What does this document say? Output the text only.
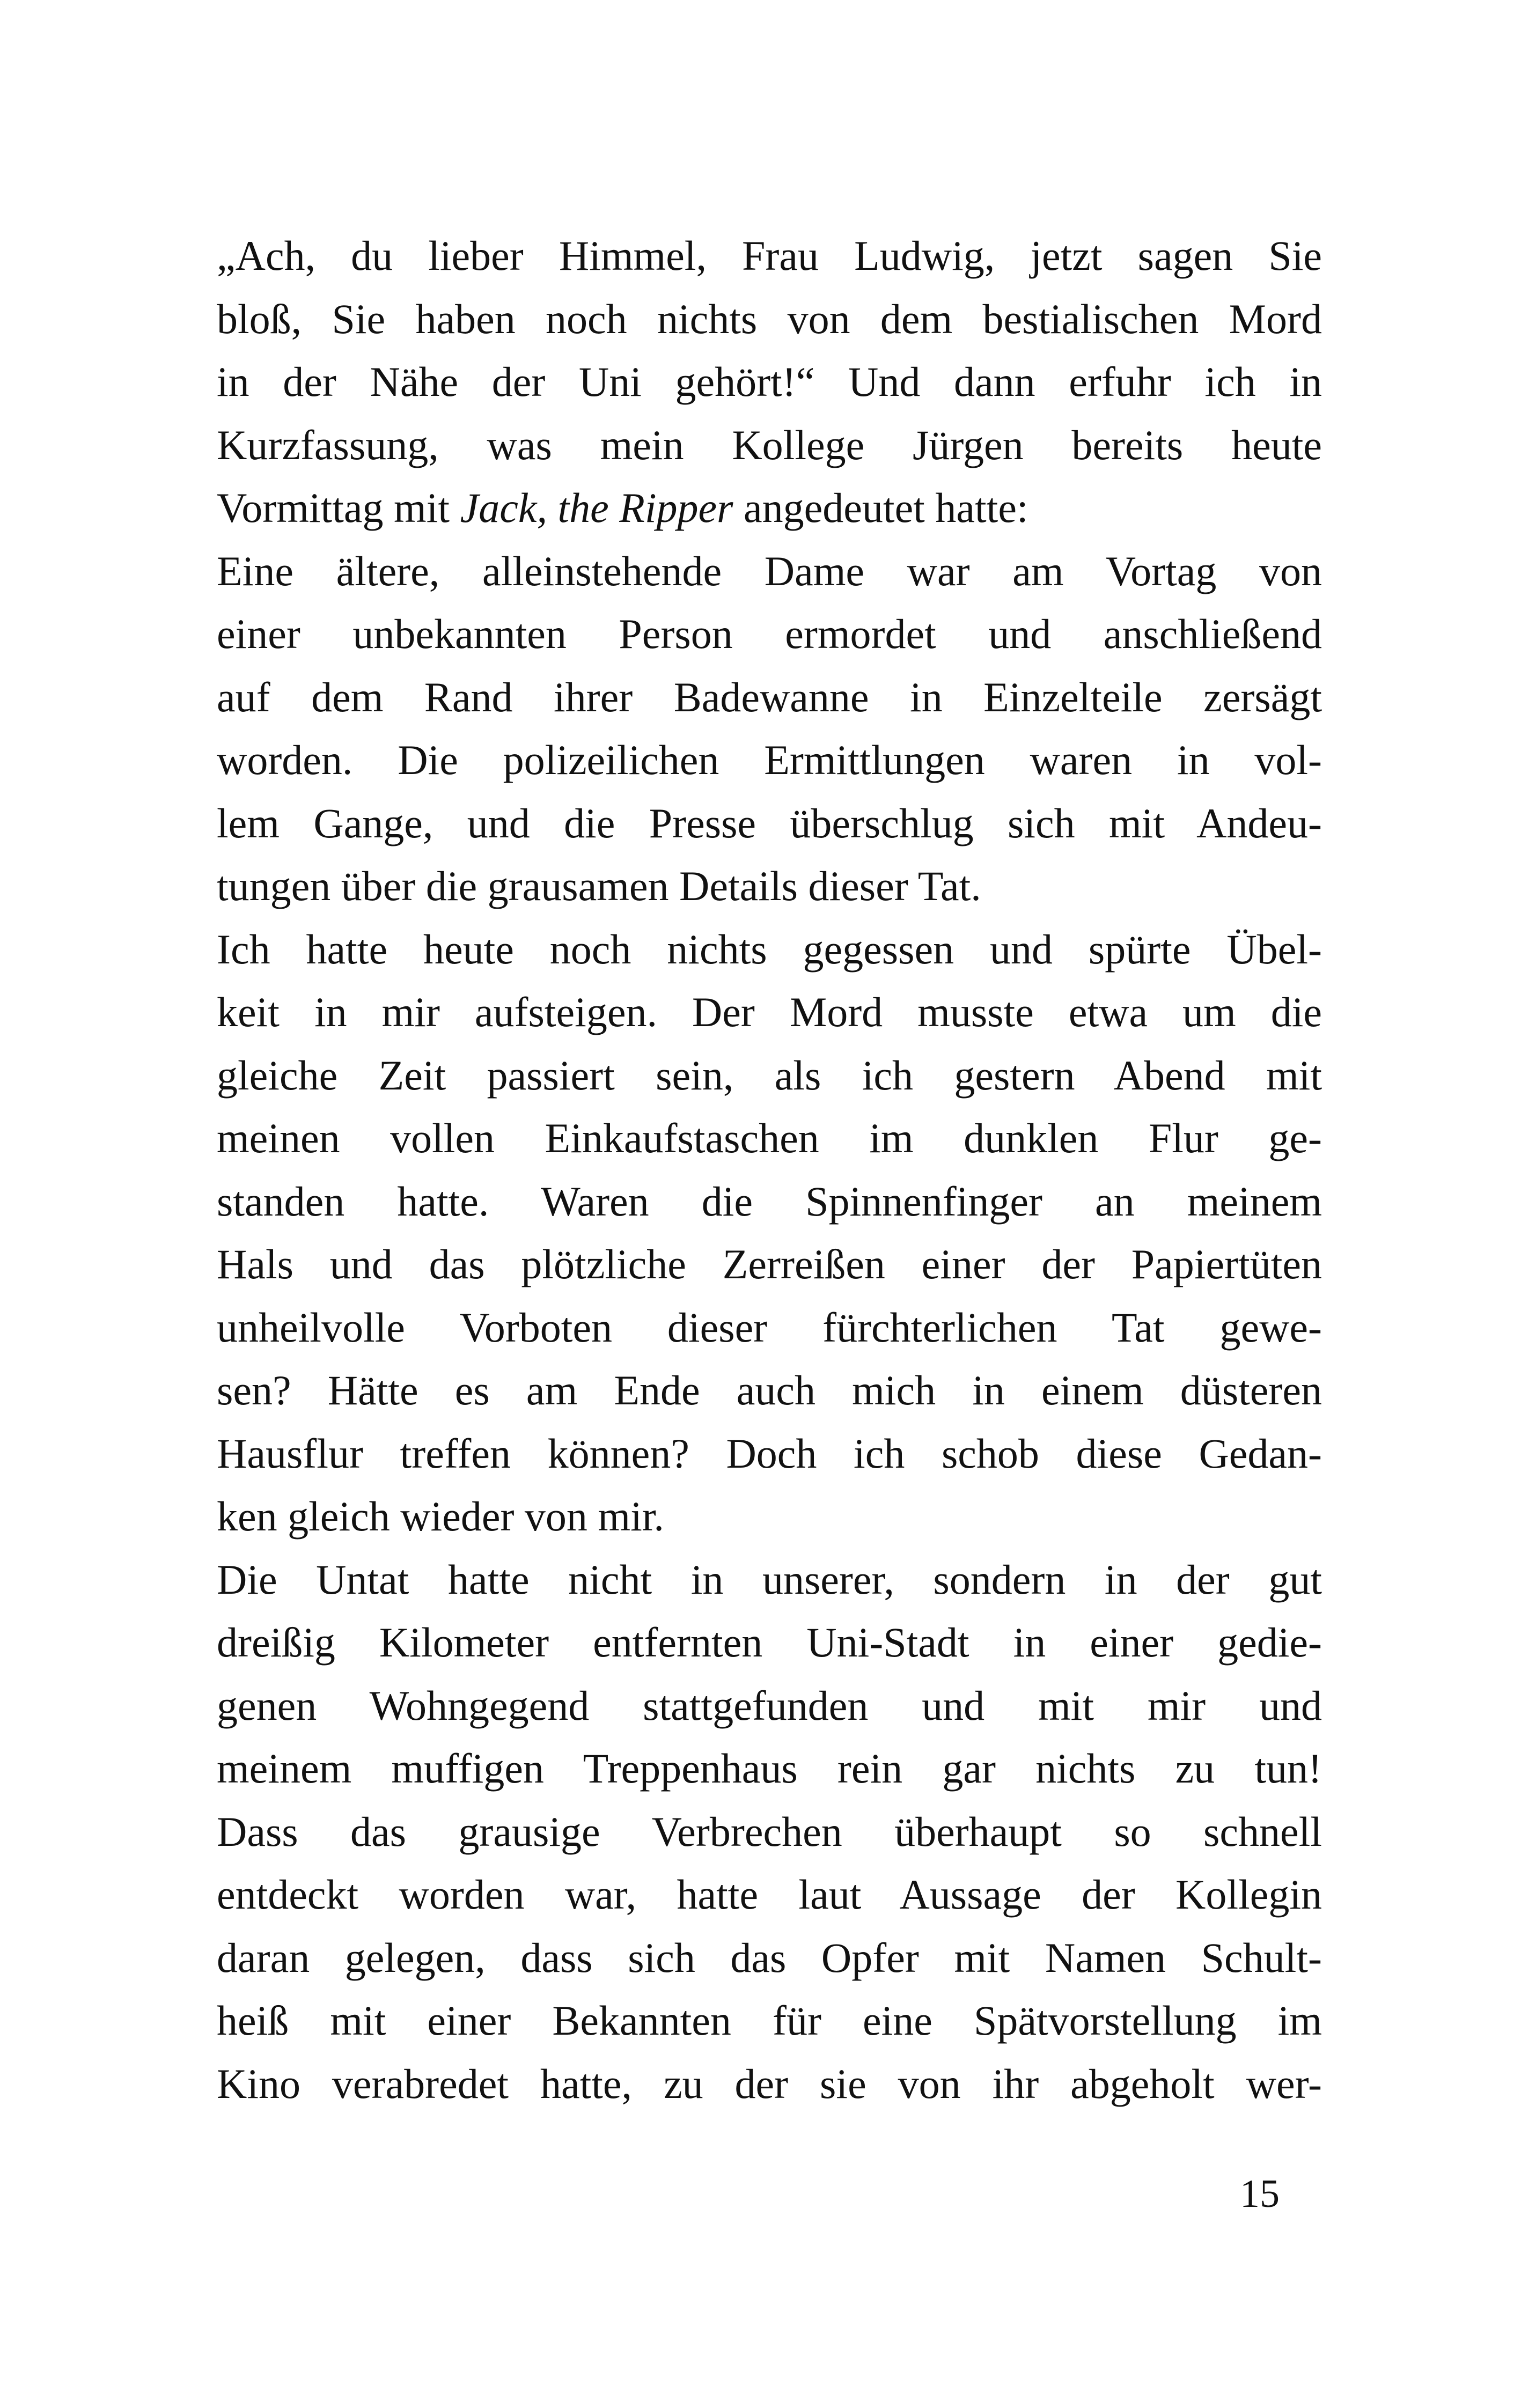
„Ach, du lieber Himmel, Frau Ludwig, jetzt sagen Sie
bloß, Sie haben noch nichts von dem bestialischen Mord
in der Nähe der Uni gehört!“ Und dann erfuhr ich in
Kurzfassung, was mein Kollege Jürgen bereits heute
Vormittag mit Jack, the Ripper angedeutet hatte:
Eine ältere, alleinstehende Dame war am Vortag von
einer unbekannten Person ermordet und anschließend
auf dem Rand ihrer Badewanne in Einzelteile zersägt
worden. Die polizeilichen Ermittlungen waren in vol-
lem Gange, und die Presse überschlug sich mit Andeu-
tungen über die grausamen Details dieser Tat.
Ich hatte heute noch nichts gegessen und spürte Übel-
keit in mir aufsteigen. Der Mord musste etwa um die
gleiche Zeit passiert sein, als ich gestern Abend mit
meinen vollen Einkaufstaschen im dunklen Flur ge-
standen hatte. Waren die Spinnenfinger an meinem
Hals und das plötzliche Zerreißen einer der Papiertüten
unheilvolle Vorboten dieser fürchterlichen Tat gewe-
sen? Hätte es am Ende auch mich in einem düsteren
Hausflur treffen können? Doch ich schob diese Gedan-
ken gleich wieder von mir.
Die Untat hatte nicht in unserer, sondern in der gut
dreißig Kilometer entfernten Uni-Stadt in einer gedie-
genen Wohngegend stattgefunden und mit mir und
meinem muffigen Treppenhaus rein gar nichts zu tun!
Dass das grausige Verbrechen überhaupt so schnell
entdeckt worden war, hatte laut Aussage der Kollegin
daran gelegen, dass sich das Opfer mit Namen Schult-
heiß mit einer Bekannten für eine Spätvorstellung im
Kino verabredet hatte, zu der sie von ihr abgeholt wer-
15
